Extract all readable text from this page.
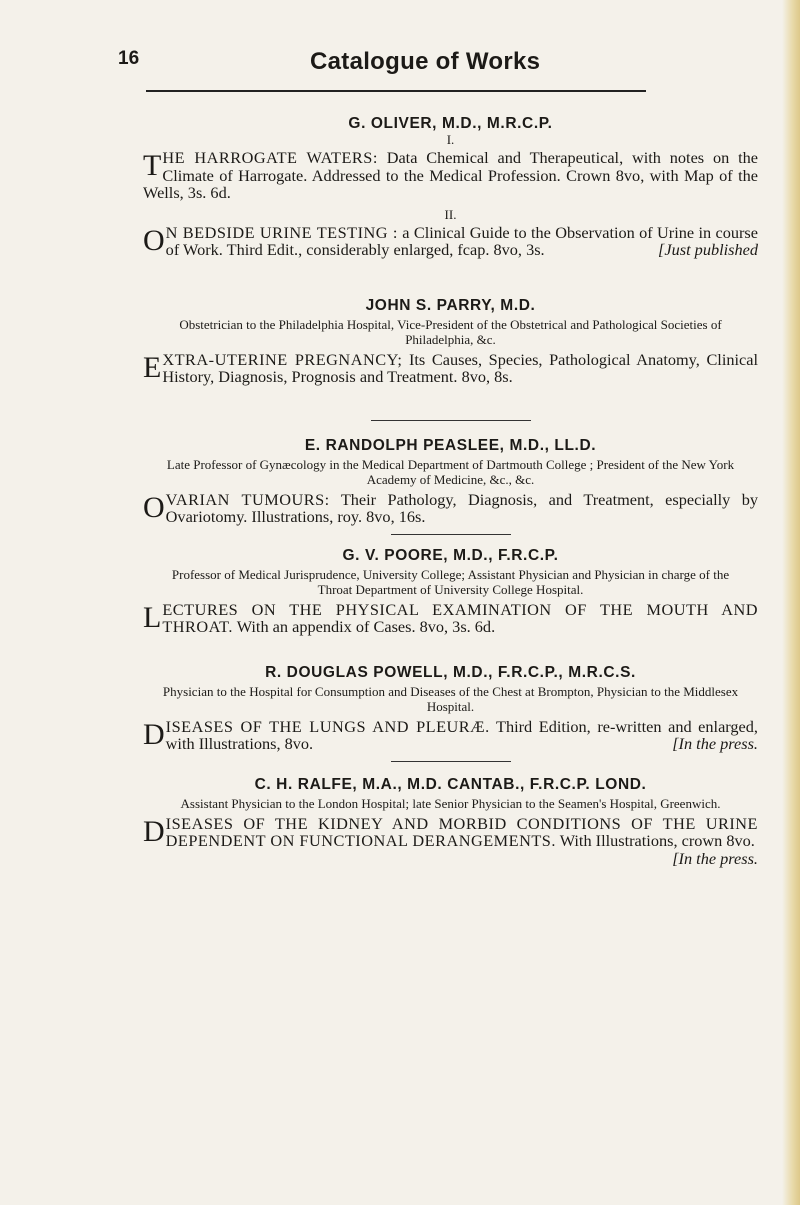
16	Catalogue of Works

G. OLIVER, M.D., M.R.C.P.

I.

THE HARROGATE WATERS: Data Chemical and Therapeutical, with notes on the Climate of Harrogate. Addressed to the Medical Profession. Crown 8vo, with Map of the Wells, 3s. 6d.

II.

O N BEDSIDE URINE TESTING : a Clinical Guide to the Observation of Urine in course of Work. Third Edit., considerably enlarged, fcap. 8vo, 3s.	[Just published

JOHN S. PARRY, M.D.

Obstetrician to the Philadelphia Hospital, Vice-President of the Obstetrical and Pathological Societies of Philadelphia, &c.

EXTRA-UTERINE PREGNANCY; Its Causes, Species, Pathological Anatomy, Clinical History, Diagnosis, Prognosis and Treatment. 8vo, 8s.

E. RANDOLPH PEASLEE, M.D., LL.D.

Late Professor of Gynæcology in the Medical Department of Dartmouth College ; President of the New York Academy of Medicine, &c., &c.

OVARIAN TUMOURS: Their Pathology, Diagnosis, and Treatment, especially by Ovariotomy. Illustrations, roy. 8vo, 16s.

G. V. POORE, M.D., F.R.C.P.

Professor of Medical Jurisprudence, University College; Assistant Physician and Physician in charge of the Throat Department of University College Hospital.

LECTURES ON THE PHYSICAL EXAMINATION OF THE MOUTH AND THROAT. With an appendix of Cases. 8vo, 3s. 6d.

R. DOUGLAS POWELL, M.D., F.R.C.P., M.R.C.S.

Physician to the Hospital for Consumption and Diseases of the Chest at Brompton, Physician to the Middlesex Hospital.

DISEASES OF THE LUNGS AND PLEURÆ. Third Edition, re-written and enlarged, with Illustrations, 8vo.	[In the press.

C. H. RALFE, M.A., M.D. CANTAB., F.R.C.P. LOND.

Assistant Physician to the London Hospital; late Senior Physician to the Seamen's Hospital, Greenwich.

DISEASES OF THE KIDNEY AND MORBID CONDITIONS OF THE URINE DEPENDENT ON FUNCTIONAL DERANGEMENTS. With Illustrations, crown 8vo.
[In the press.
